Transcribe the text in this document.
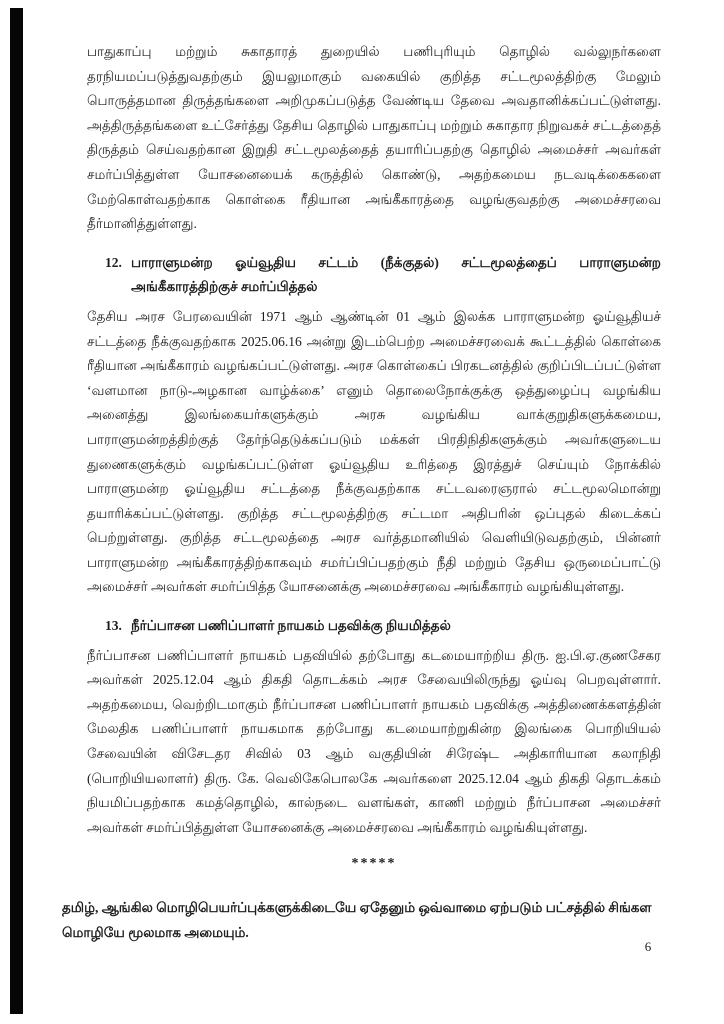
பாதுகாப்பு மற்றும் சுகாதாரத் துறையில் பணிபுரியும் தொழில் வல்லுநர்களை தரநியமப்படுத்துவதற்கும் இயலுமாகும் வகையில் குறித்த சட்டமூலத்திற்கு மேலும் பொருத்தமான திருத்தங்களை அறிமுகப்படுத்த வேண்டிய தேவை அவதானிக்கப்பட்டுள்ளது. அத்திருத்தங்களை உட்சேர்த்து தேசிய தொழில் பாதுகாப்பு மற்றும் சுகாதார நிறுவகச் சட்டத்தைத் திருத்தம் செய்வதற்கான இறுதி சட்டமூலத்தைத் தயாரிப்பதற்கு தொழில் அமைச்சர் அவர்கள் சமர்ப்பித்துள்ள யோசனையைக் கருத்தில் கொண்டு, அதற்கமைய நடவடிக்கைகளை மேற்கொள்வதற்காக கொள்கை ரீதியான அங்கீகாரத்தை வழங்குவதற்கு அமைச்சரவை தீர்மானித்துள்ளது.

12. பாராளுமன்ற ஓய்வூதிய சட்டம் (நீக்குதல்) சட்டமூலத்தைப் பாராளுமன்ற அங்கீகாரத்திற்குச் சமர்ப்பித்தல்

தேசிய அரச பேரவையின் 1971 ஆம் ஆண்டின் 01 ஆம் இலக்க பாராளுமன்ற ஓய்வூதியச் சட்டத்தை நீக்குவதற்காக 2025.06.16 அன்று இடம்பெற்ற அமைச்சரவைக் கூட்டத்தில் கொள்கை ரீதியான அங்கீகாரம் வழங்கப்பட்டுள்ளது. அரச கொள்கைப் பிரகடனத்தில் குறிப்பிடப்பட்டுள்ள ‘வளமான நாடு-அழகான வாழ்க்கை’ எனும் தொலைநோக்குக்கு ஒத்துழைப்பு வழங்கிய அனைத்து இலங்கையர்களுக்கும் அரசு வழங்கிய வாக்குறுதிகளுக்கமைய, பாராளுமன்றத்திற்குத் தேர்ந்தெடுக்கப்படும் மக்கள் பிரதிநிதிகளுக்கும் அவர்களுடைய துணைகளுக்கும் வழங்கப்பட்டுள்ள ஓய்வூதிய உரித்தை இரத்துச் செய்யும் நோக்கில் பாராளுமன்ற ஓய்வூதிய சட்டத்தை நீக்குவதற்காக சட்டவரைஞரால் சட்டமூலமொன்று தயாரிக்கப்பட்டுள்ளது. குறித்த சட்டமூலத்திற்கு சட்டமா அதிபரின் ஒப்புதல் கிடைக்கப் பெற்றுள்ளது. குறித்த சட்டமூலத்தை அரச வர்த்தமானியில் வெளியிடுவதற்கும், பின்னர் பாராளுமன்ற அங்கீகாரத்திற்காகவும் சமர்ப்பிப்பதற்கும் நீதி மற்றும் தேசிய ஒருமைப்பாட்டு அமைச்சர் அவர்கள் சமர்ப்பித்த யோசனைக்கு அமைச்சரவை அங்கீகாரம் வழங்கியுள்ளது.

13. நீர்ப்பாசன பணிப்பாளர் நாயகம் பதவிக்கு நியமித்தல்

நீர்ப்பாசன பணிப்பாளர் நாயகம் பதவியில் தற்போது கடமையாற்றிய திரு. ஐ.பி.ஏ.குணசேகர அவர்கள் 2025.12.04 ஆம் திகதி தொடக்கம் அரச சேவையிலிருந்து ஓய்வு பெறவுள்ளார். அதற்கமைய, வெற்றிடமாகும் நீர்ப்பாசன பணிப்பாளர் நாயகம் பதவிக்கு அத்திணைக்களத்தின் மேலதிக பணிப்பாளர் நாயகமாக தற்போது கடமையாற்றுகின்ற இலங்கை பொறியியல் சேவையின் விசேடதர சிவில் 03 ஆம் வகுதியின் சிரேஷ்ட அதிகாரியான கலாநிதி (பொறியியலாளர்) திரு. கே. வெலிகேபொலகே அவர்களை 2025.12.04 ஆம் திகதி தொடக்கம் நியமிப்பதற்காக கமத்தொழில், கால்நடை வளங்கள், காணி மற்றும் நீர்ப்பாசன அமைச்சர் அவர்கள் சமர்ப்பித்துள்ள யோசனைக்கு அமைச்சரவை அங்கீகாரம் வழங்கியுள்ளது.

*****

தமிழ், ஆங்கில மொழிபெயர்ப்புக்களுக்கிடையே ஏதேனும் ஒவ்வாமை ஏற்படும் பட்சத்தில் சிங்கள மொழியே மூலமாக அமையும்.

6
